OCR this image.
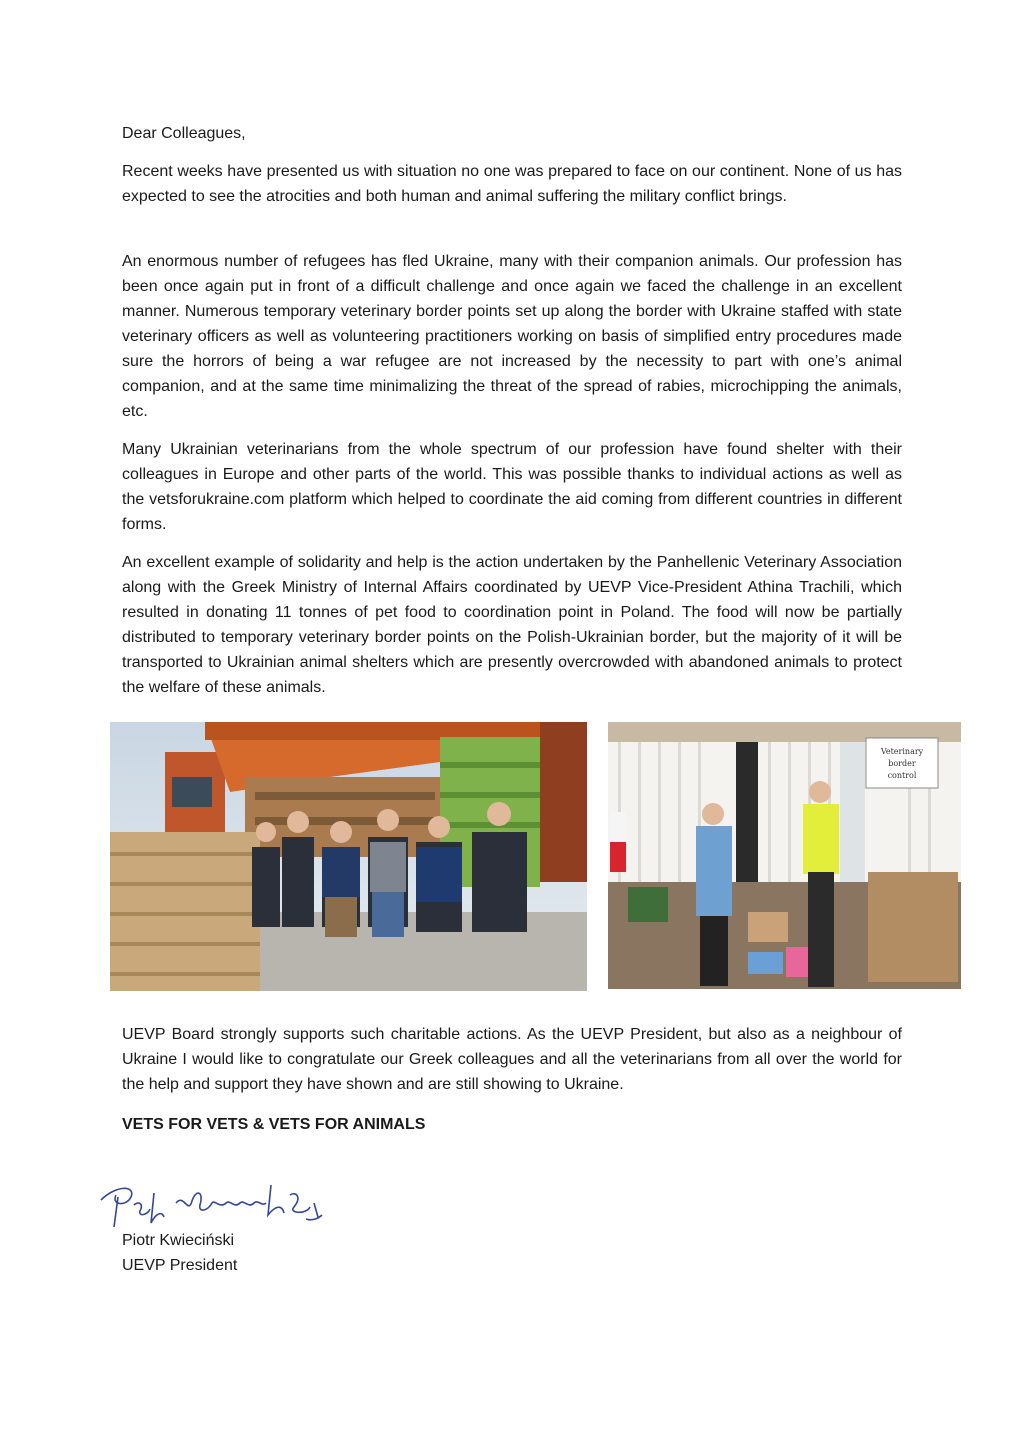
Dear Colleagues,

Recent weeks have presented us with situation no one was prepared to face on our continent. None of us has expected to see the atrocities and both human and animal suffering the military conflict brings.

An enormous number of refugees has fled Ukraine, many with their companion animals. Our profession has been once again put in front of a difficult challenge and once again we faced the challenge in an excellent manner. Numerous temporary veterinary border points set up along the border with Ukraine staffed with state veterinary officers as well as volunteering practitioners working on basis of simplified entry procedures made sure the horrors of being a war refugee are not increased by the necessity to part with one’s animal companion, and at the same time minimalizing the threat of the spread of rabies, microchipping the animals, etc.

Many Ukrainian veterinarians from the whole spectrum of our profession have found shelter with their colleagues in Europe and other parts of the world. This was possible thanks to individual actions as well as the vetsforukraine.com platform which helped to coordinate the aid coming from different countries in different forms.

An excellent example of solidarity and help is the action undertaken by the Panhellenic Veterinary Association along with the Greek Ministry of Internal Affairs coordinated by UEVP Vice-President Athina Trachili, which resulted in donating 11 tonnes of pet food to coordination point in Poland. The food will now be partially distributed to temporary veterinary border points on the Polish-Ukrainian border, but the majority of it will be transported to Ukrainian animal shelters which are presently overcrowded with abandoned animals to protect the welfare of these animals.

Veterinary
border
control

UEVP Board strongly supports such charitable actions. As the UEVP President, but also as a neighbour of Ukraine I would like to congratulate our Greek colleagues and all the veterinarians from all over the world for the help and support they have shown and are still showing to Ukraine.

VETS FOR VETS & VETS FOR ANIMALS
Piotr Kwieciński
UEVP President
